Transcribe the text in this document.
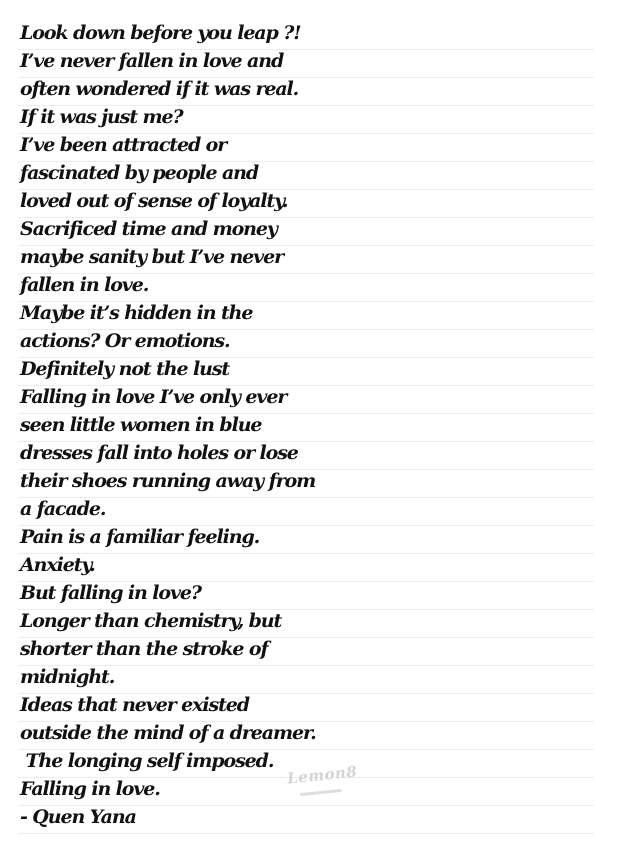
Look down before you leap ?!
I’ve never fallen in love and
often wondered if it was real.
If it was just me?
I’ve been attracted or
fascinated by people and
loved out of sense of loyalty.
Sacrificed time and money
maybe sanity but I’ve never
fallen in love.
Maybe it’s hidden in the
actions? Or emotions.
Definitely not the lust
Falling in love I’ve only ever
seen little women in blue
dresses fall into holes or lose
their shoes running away from
a facade.
Pain is a familiar feeling.
Anxiety.
But falling in love?
Longer than chemistry, but
shorter than the stroke of
midnight.
Ideas that never existed
outside the mind of a dreamer.
The longing self imposed.
Falling in love.
- Quen Yana
Lemon8
